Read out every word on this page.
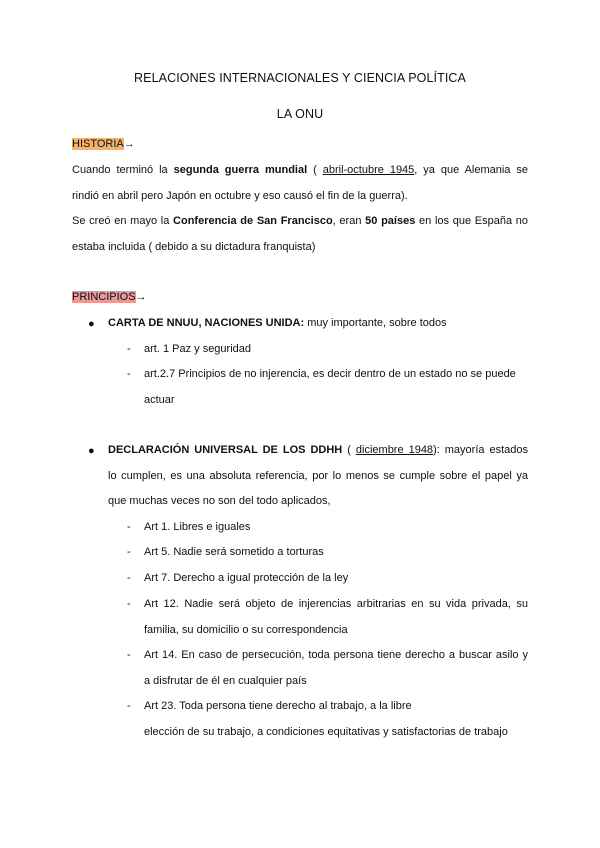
RELACIONES INTERNACIONALES Y CIENCIA POLÍTICA
LA ONU
HISTORIA→
Cuando terminó la segunda guerra mundial ( abril-octubre 1945, ya que Alemania se
rindió en abril pero Japón en octubre y eso causó el fin de la guerra).
Se creó en mayo la Conferencia de San Francisco, eran 50 países en los que España no
estaba incluida ( debido a su dictadura franquista)
PRINCIPIOS→
● CARTA DE NNUU, NACIONES UNIDA: muy importante, sobre todos
- art. 1 Paz y seguridad
- art.2.7 Principios de no injerencia, es decir dentro de un estado no se puede
actuar
● DECLARACIÓN UNIVERSAL DE LOS DDHH ( diciembre 1948): mayoría estados
lo cumplen, es una absoluta referencia, por lo menos se cumple sobre el papel ya
que muchas veces no son del todo aplicados,
- Art 1. Libres e iguales
- Art 5. Nadie será sometido a torturas
- Art 7. Derecho a igual protección de la ley
- Art 12. Nadie será objeto de injerencias arbitrarias en su vida privada, su
familia, su domicilio o su correspondencia
- Art 14. En caso de persecución, toda persona tiene derecho a buscar asilo y
a disfrutar de él en cualquier país
- Art 23. Toda persona tiene derecho al trabajo, a la libre
elección de su trabajo, a condiciones equitativas y satisfactorias de trabajo
